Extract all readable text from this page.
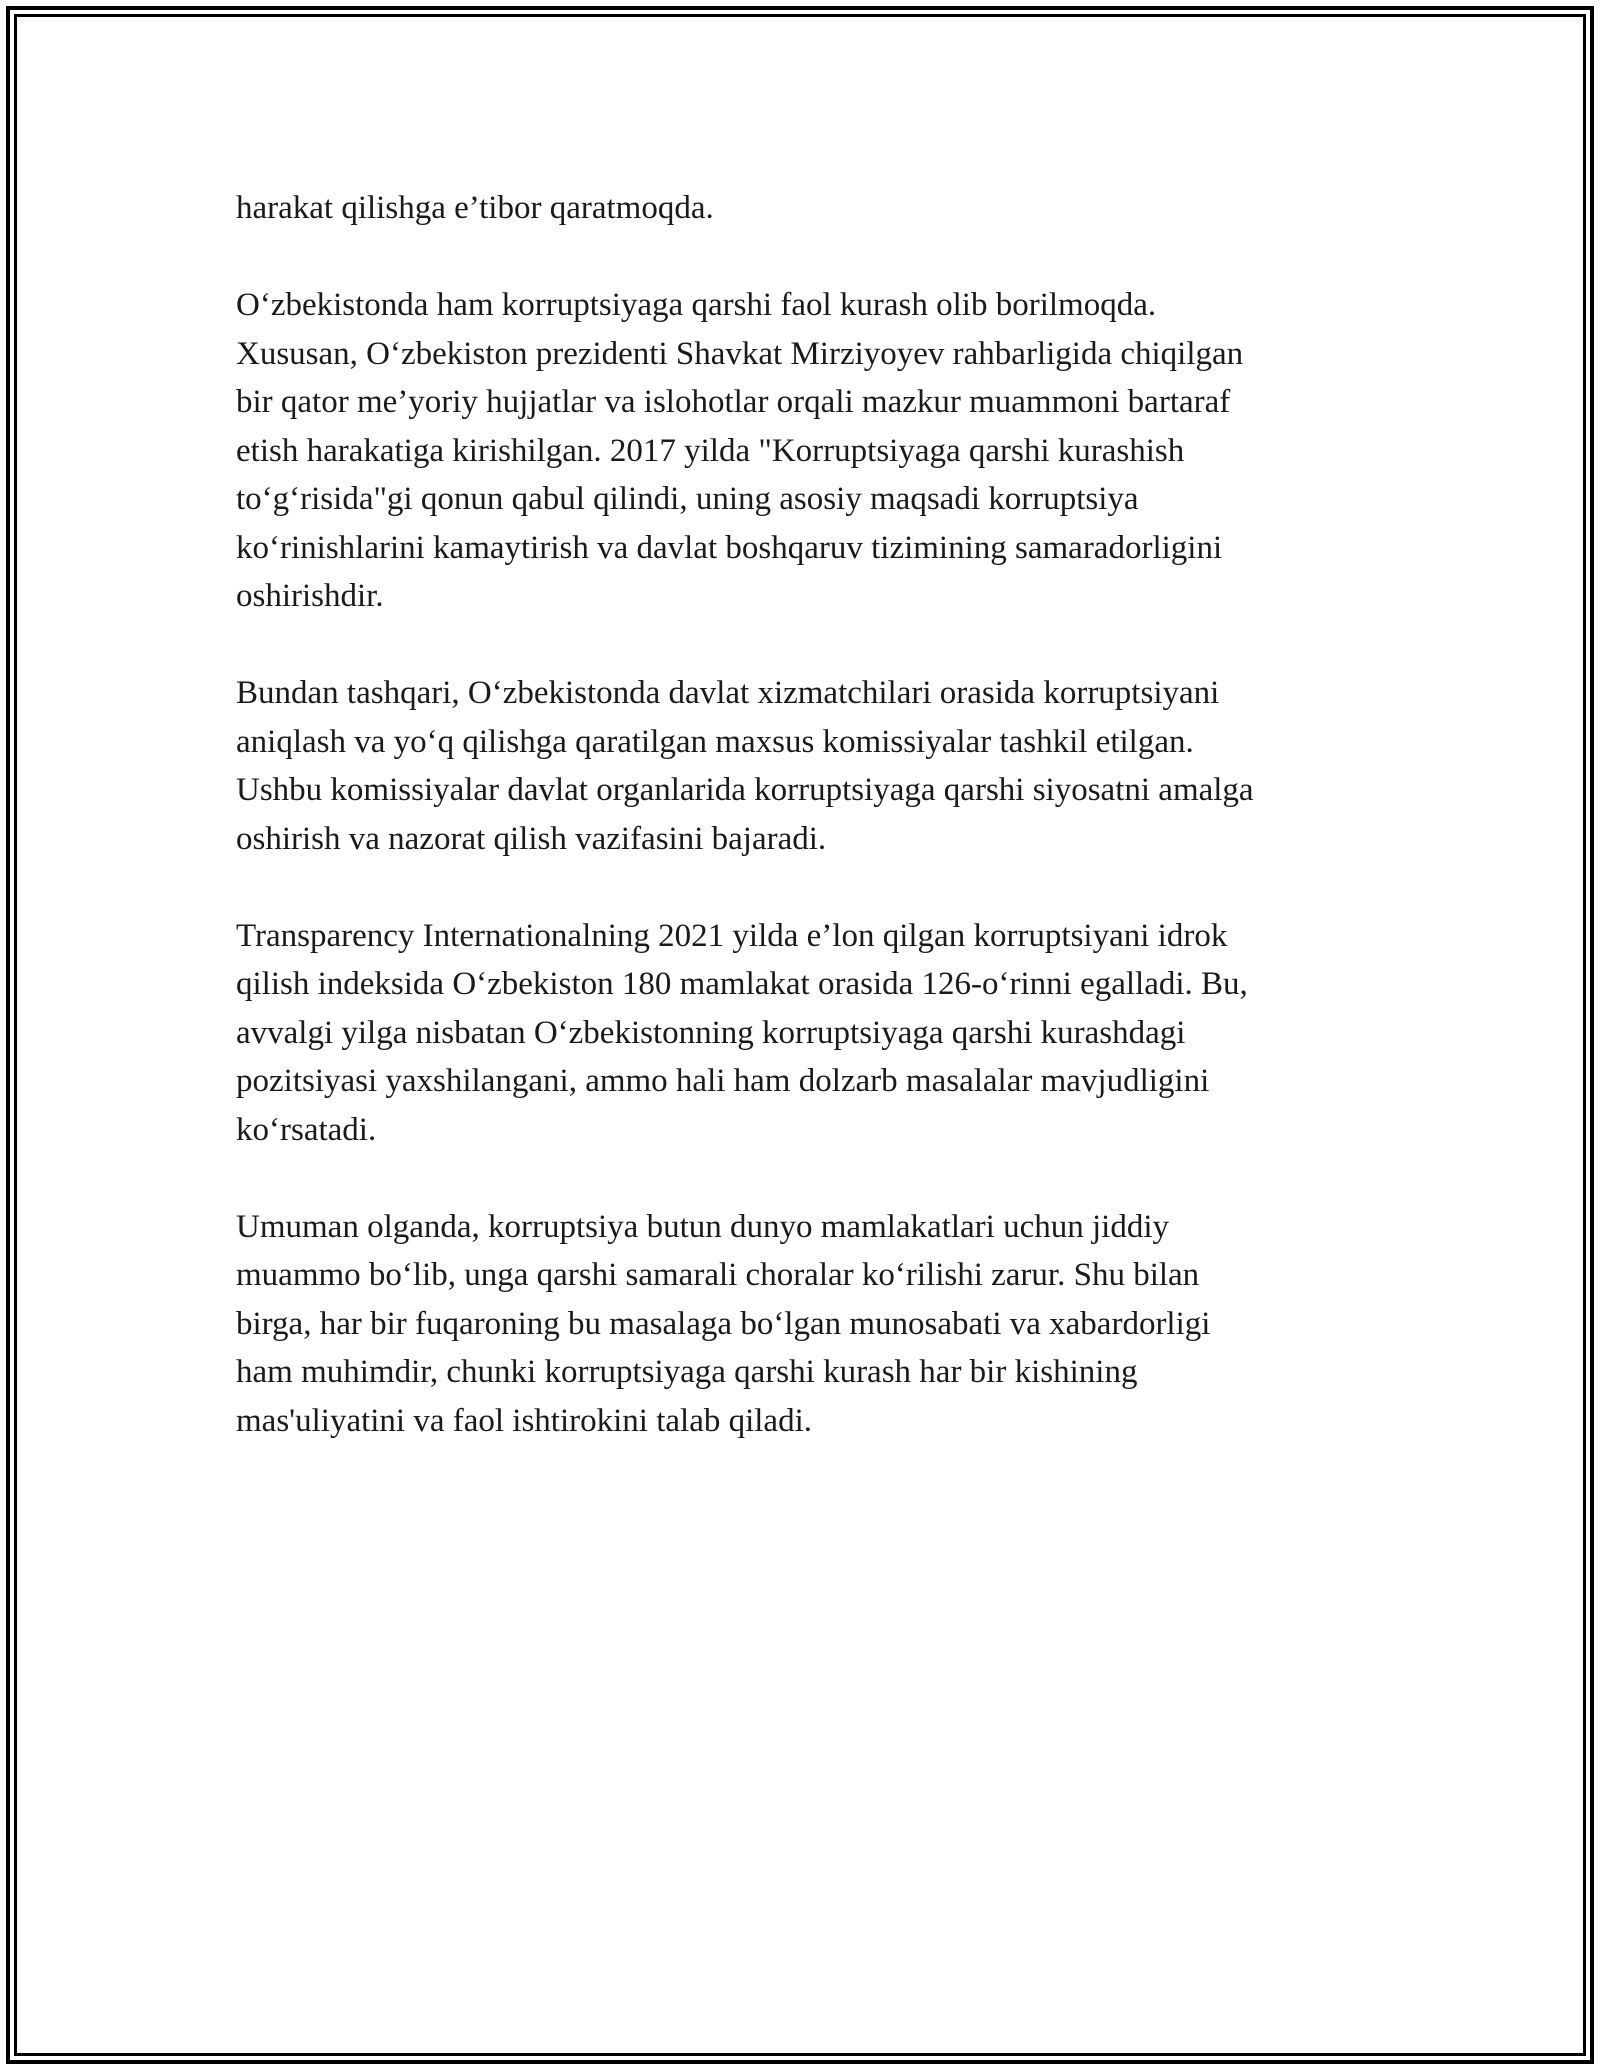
harakat qilishga e’tibor qaratmoqda.
O‘zbekistonda ham korruptsiyaga qarshi faol kurash olib borilmoqda.
Xususan, O‘zbekiston prezidenti Shavkat Mirziyoyev rahbarligida chiqilgan
bir qator me’yoriy hujjatlar va islohotlar orqali mazkur muammoni bartaraf
etish harakatiga kirishilgan. 2017 yilda "Korruptsiyaga qarshi kurashish
to‘g‘risida"gi qonun qabul qilindi, uning asosiy maqsadi korruptsiya
ko‘rinishlarini kamaytirish va davlat boshqaruv tizimining samaradorligini
oshirishdir.
Bundan tashqari, O‘zbekistonda davlat xizmatchilari orasida korruptsiyani
aniqlash va yo‘q qilishga qaratilgan maxsus komissiyalar tashkil etilgan.
Ushbu komissiyalar davlat organlarida korruptsiyaga qarshi siyosatni amalga
oshirish va nazorat qilish vazifasini bajaradi.
Transparency Internationalning 2021 yilda e’lon qilgan korruptsiyani idrok
qilish indeksida O‘zbekiston 180 mamlakat orasida 126-o‘rinni egalladi. Bu,
avvalgi yilga nisbatan O‘zbekistonning korruptsiyaga qarshi kurashdagi
pozitsiyasi yaxshilangani, ammo hali ham dolzarb masalalar mavjudligini
ko‘rsatadi.
Umuman olganda, korruptsiya butun dunyo mamlakatlari uchun jiddiy
muammo bo‘lib, unga qarshi samarali choralar ko‘rilishi zarur. Shu bilan
birga, har bir fuqaroning bu masalaga bo‘lgan munosabati va xabardorligi
ham muhimdir, chunki korruptsiyaga qarshi kurash har bir kishining
mas'uliyatini va faol ishtirokini talab qiladi.
